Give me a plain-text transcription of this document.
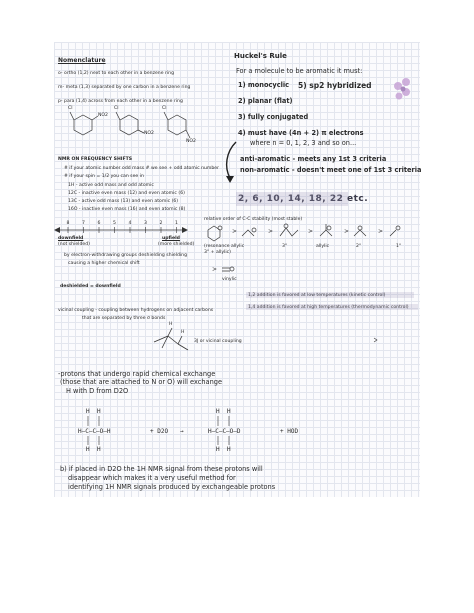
Nomenclature
o- ortho (1,2) next to each other in a benzene ring
m- meta (1,3) separated by one carbon in a benzene ring
p- para (1,4) across from each other in a benzene ring
Cl
NO2
Cl
NO2
Cl
NO2
NMR ON FREQUENCY SHIFTS
# if your atomic number odd mass # we see + odd atomic number
# if your spin = 1/2 you can see in
1H - active odd mass and odd atomic
12C - inactive even mass (12) and even atomic (6)
13C - active odd mass (13) and even atomic (6)
16O - inactive even mass (16) and even atomic (8)
downfield
(not shielded)
upfield
(more shielded)
by electron-withdrawing groups deshielding shielding
causing a higher chemical shift
deshielded = downfield
vicinal coupling - coupling between hydrogens on adjacent carbons
that are separated by three σ bonds
H
H
3J or vicinal coupling
-protons that undergo rapid chemical exchange
(those that are attached to N or O) will exchange
H with D from D2O
H H
H—C—C—O—H
H H
+ D2O →
H H
H—C—C—O—D
H H
+ HOD
b) if placed in D2O the 1H NMR signal from these protons will
disappear which makes it a very useful method for
identifying 1H NMR signals produced by exchangeable protons
Huckel's Rule
For a molecule to be aromatic it must:
1) monocyclic 5) sp2 hybridized
2) planar (flat)
3) fully conjugated
4) must have (4n + 2) π electrons
where n = 0, 1, 2, 3 and so on...
anti-aromatic - meets any 1st 3 criteria
non-aromatic - doesn't meet one of 1st 3 criteria
2, 6, 10, 14, 18, 22 etc.
relative order of C-C stability (most stable)
(resonance allylic
3° + allylic)
>	>	>	>	>
>
vinylic
1,2 addition is favored at low temperatures (kinetic control)
1,4 addition is favored at high temperatures (thermodynamic control)
8	7	6	5	4	3	2	1
3°	allylic	2°	1°
